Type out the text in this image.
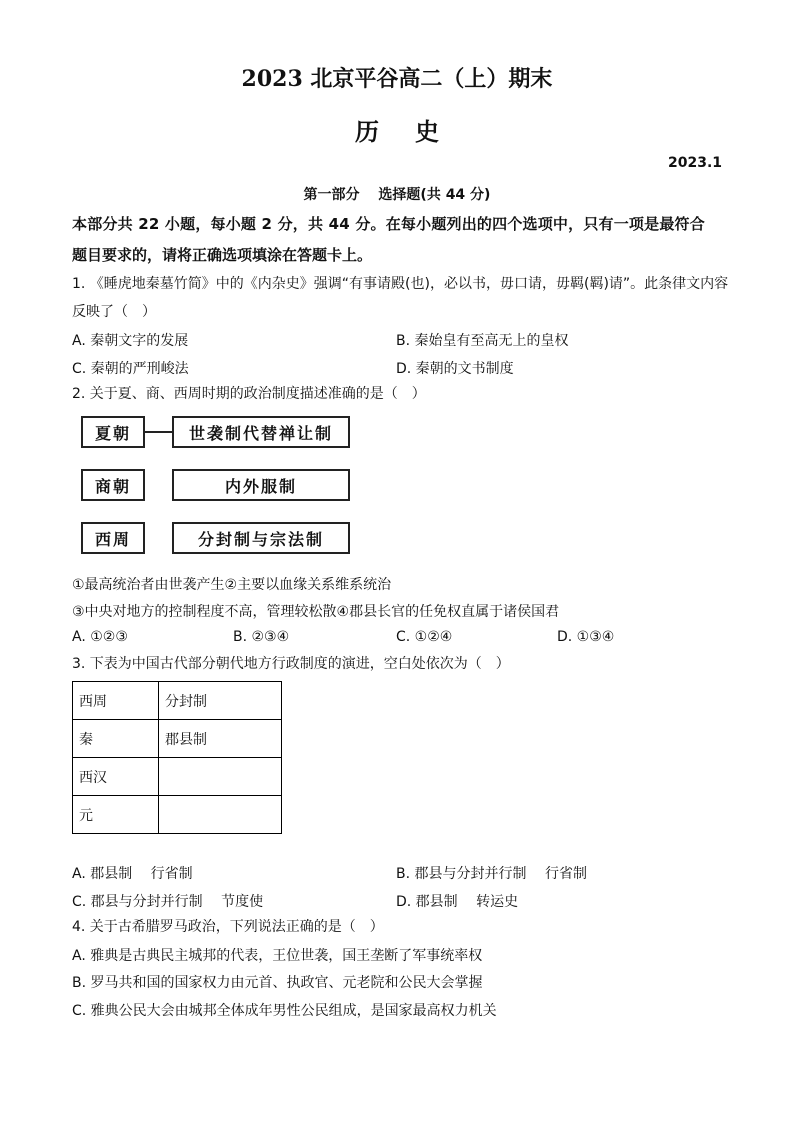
2023 北京平谷高二（上）期末
历史
2023.1
第一部分　 选择题(共 44 分)
本部分共 22 小题，每小题 2 分，共 44 分。在每小题列出的四个选项中，只有一项是最符合
题目要求的，请将正确选项填涂在答题卡上。
1. 《睡虎地秦墓竹简》中的《内杂史》强调“有事请殿(也)，必以书，毋口请，毋羁(羁)请”。此条律文内容
反映了（　）
A. 秦朝文字的发展	B. 秦始皇有至高无上的皇权
C. 秦朝的严刑峻法	D. 秦朝的文书制度
2. 关于夏、商、西周时期的政治制度描述准确的是（　）
夏朝	世袭制代替禅让制
商朝	内外服制
西周	分封制与宗法制
①最高统治者由世袭产生②主要以血缘关系维系统治
③中央对地方的控制程度不高，管理较松散④郡县长官的任免权直属于诸侯国君
A. ①②③	B. ②③④	C. ①②④	D. ①③④
3. 下表为中国古代部分朝代地方行政制度的演进，空白处依次为（　）
西周	分封制
秦	郡县制
西汉	
元	
A. 郡县制　 行省制	B. 郡县与分封并行制　 行省制
C. 郡县与分封并行制　 节度使	D. 郡县制　 转运史
4. 关于古希腊罗马政治，下列说法正确的是（　）
A. 雅典是古典民主城邦的代表，王位世袭，国王垄断了军事统率权
B. 罗马共和国的国家权力由元首、执政官、元老院和公民大会掌握
C. 雅典公民大会由城邦全体成年男性公民组成，是国家最高权力机关
